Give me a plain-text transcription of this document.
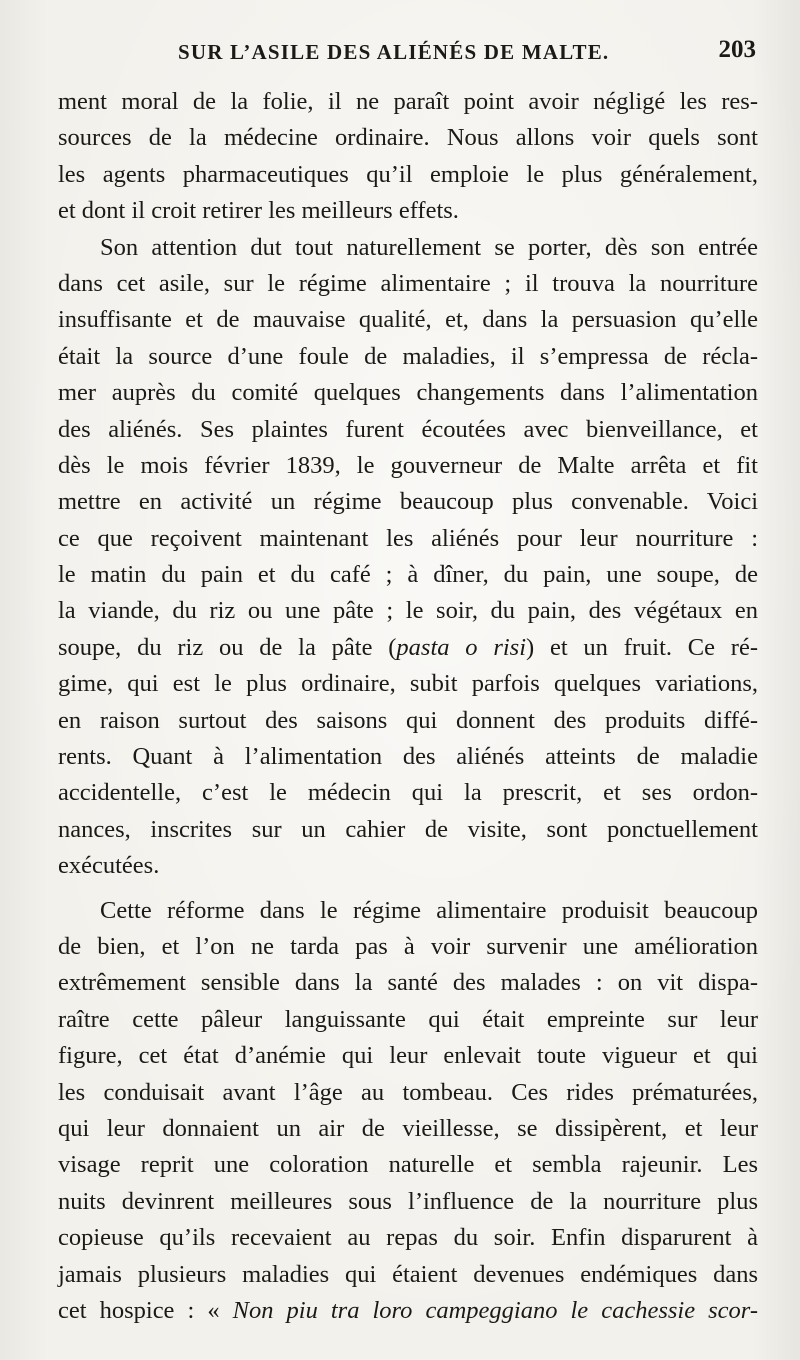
SUR L’ASILE DES ALIÉNÉS DE MALTE.	203
ment moral de la folie, il ne paraît point avoir négligé les res-
sources de la médecine ordinaire. Nous allons voir quels sont
les agents pharmaceutiques qu’il emploie le plus généralement,
et dont il croit retirer les meilleurs effets.
Son attention dut tout naturellement se porter, dès son entrée
dans cet asile, sur le régime alimentaire ; il trouva la nourriture
insuffisante et de mauvaise qualité, et, dans la persuasion qu’elle
était la source d’une foule de maladies, il s’empressa de récla-
mer auprès du comité quelques changements dans l’alimentation
des aliénés. Ses plaintes furent écoutées avec bienveillance, et
dès le mois février 1839, le gouverneur de Malte arrêta et fit
mettre en activité un régime beaucoup plus convenable. Voici
ce que reçoivent maintenant les aliénés pour leur nourriture :
le matin du pain et du café ; à dîner, du pain, une soupe, de
la viande, du riz ou une pâte ; le soir, du pain, des végétaux en
soupe, du riz ou de la pâte (pasta o risi) et un fruit. Ce ré-
gime, qui est le plus ordinaire, subit parfois quelques variations,
en raison surtout des saisons qui donnent des produits diffé-
rents. Quant à l’alimentation des aliénés atteints de maladie
accidentelle, c’est le médecin qui la prescrit, et ses ordon-
nances, inscrites sur un cahier de visite, sont ponctuellement
exécutées.
Cette réforme dans le régime alimentaire produisit beaucoup
de bien, et l’on ne tarda pas à voir survenir une amélioration
extrêmement sensible dans la santé des malades : on vit dispa-
raître cette pâleur languissante qui était empreinte sur leur
figure, cet état d’anémie qui leur enlevait toute vigueur et qui
les conduisait avant l’âge au tombeau. Ces rides prématurées,
qui leur donnaient un air de vieillesse, se dissipèrent, et leur
visage reprit une coloration naturelle et sembla rajeunir. Les
nuits devinrent meilleures sous l’influence de la nourriture plus
copieuse qu’ils recevaient au repas du soir. Enfin disparurent à
jamais plusieurs maladies qui étaient devenues endémiques dans
cet hospice : « Non piu tra loro campeggiano le cachessie scor-
